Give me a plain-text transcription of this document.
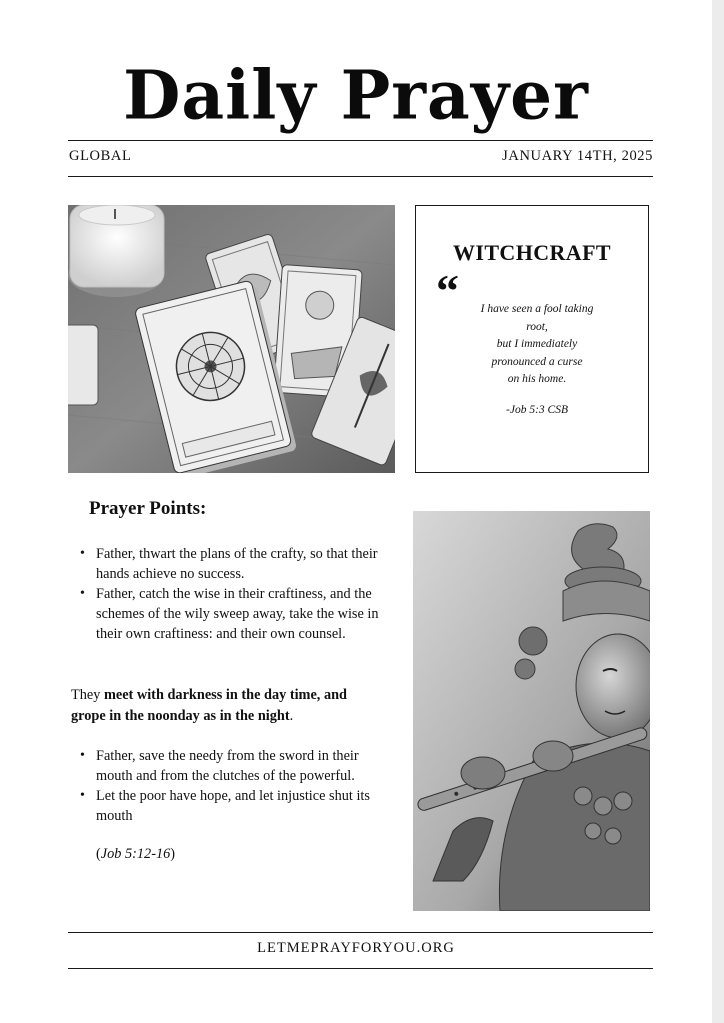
Daily Prayer
GLOBAL	JANUARY 14TH, 2025
WITCHCRAFT
“	I have seen a fool taking
root,
but I immediately
pronounced a curse
on his home.
-Job 5:3 CSB
Prayer Points:
• Father, thwart the plans of the crafty, so that their hands achieve no success.
• Father, catch the wise in their craftiness, and the schemes of the wily sweep away, take the wise in their own craftiness: and their own counsel.
They meet with darkness in the day time, and grope in the noonday as in the night.
• Father, save the needy from the sword in their mouth and from the clutches of the powerful.
• Let the poor have hope, and let injustice shut its mouth
(Job 5:12-16)
LETMEPRAYFORYOU.ORG
